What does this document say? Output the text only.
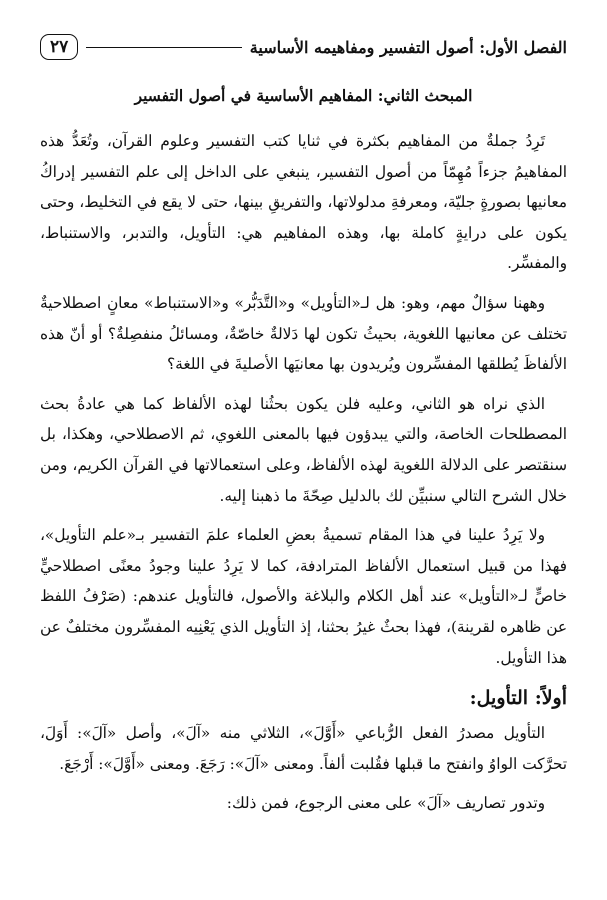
٢٧	الفصل الأول: أصول التفسير ومفاهيمه الأساسية
المبحث الثاني: المفاهيم الأساسية في أصول التفسير

تَرِدُ جملةٌ من المفاهيم بكثرة في ثنايا كتب التفسير وعلوم القرآن، وتُعَدُّ هذه المفاهيمُ جزءاً مُهِمّاً من أصول التفسير، ينبغي على الداخل إلى علم التفسير إدراكُ معانيها بصورةٍ جليّة، ومعرفةِ مدلولاتها، والتفريقِ بينها، حتى لا يقع في التخليط، وحتى يكون على درايةٍ كاملة بها، وهذه المفاهيم هي: التأويل، والتدبر، والاستنباط، والمفسِّر.

وههنا سؤالٌ مهم، وهو: هل لـ«التأويل» و«التَّدَبُّر» و«الاستنباط» معانٍ اصطلاحيةٌ تختلف عن معانيها اللغوية، بحيثُ تكون لها دَلالةٌ خاصّةٌ، ومسائلُ منفصِلةٌ؟ أو أنّ هذه الألفاظَ يُطلقها المفسِّرون ويُريدون بها معانيَها الأصليةَ في اللغة؟

الذي نراه هو الثاني، وعليه فلن يكون بحثُنا لهذه الألفاظ كما هي عادةُ بحث المصطلحات الخاصة، والتي يبدؤون فيها بالمعنى اللغوي، ثم الاصطلاحي، وهكذا، بل سنقتصر على الدلالة اللغوية لهذه الألفاظ، وعلى استعمالاتها في القرآن الكريم، ومن خلال الشرح التالي سنبيِّن لك بالدليل صِحّةَ ما ذهبنا إليه.

ولا يَرِدُ علينا في هذا المقام تسميةُ بعضِ العلماء علمَ التفسير بـ«علم التأويل»، فهذا من قبيل استعمال الألفاظ المترادفة، كما لا يَرِدُ علينا وجودُ معنًى اصطلاحيٍّ خاصٍّ لـ«التأويل» عند أهل الكلام والبلاغة والأصول، فالتأويل عندهم: (صَرْفُ اللفظ عن ظاهره لقرينة)، فهذا بحثٌ غيرُ بحثنا، إذ التأويل الذي يَعْنِيه المفسِّرون مختلفٌ عن هذا التأويل.

أولاً: التأويل:

التأويل مصدرُ الفعل الرُّباعي «أَوَّلَ»، الثلاثي منه «آلَ»، وأصل «آلَ»: أَوَلَ، تحرَّكت الواوُ وانفتح ما قبلها فقُلبت ألفاً. ومعنى «آلَ»: رَجَعَ. ومعنى «أَوَّلَ»: أَرْجَعَ.

وتدور تصاريف «آلَ» على معنى الرجوع، فمن ذلك:
